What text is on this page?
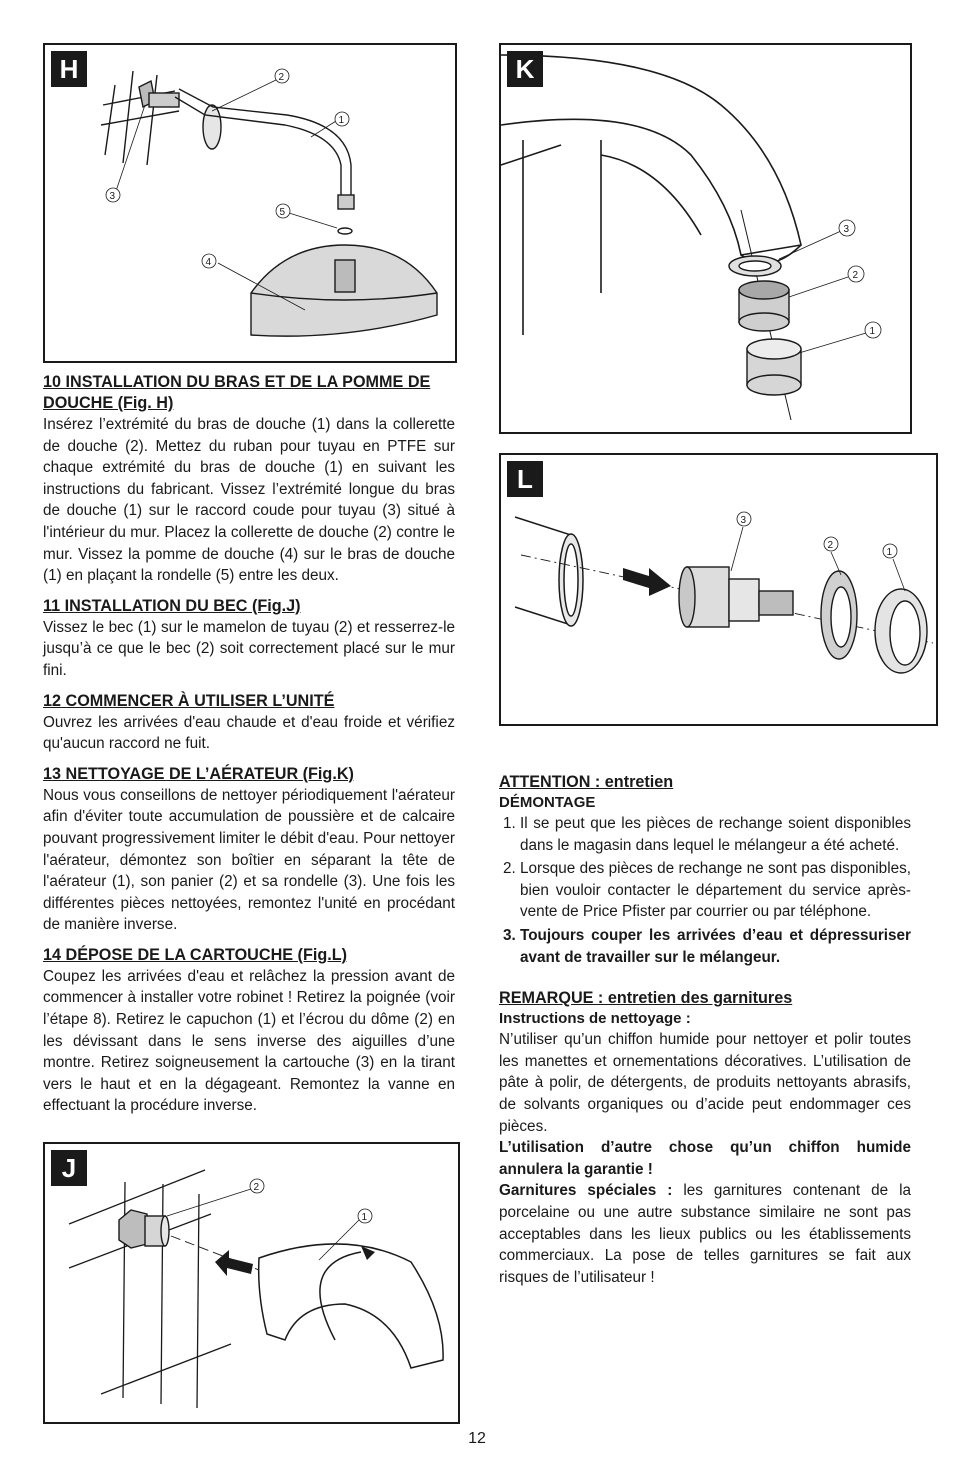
H	2
1
3
5
4
K
3
2
1
L
3
2
1
J
2
1
10 INSTALLATION DU BRAS ET DE LA POMME DE DOUCHE (Fig. H)
Insérez l’extrémité du bras de douche (1) dans la collerette de douche (2). Mettez du ruban pour tuyau en PTFE sur chaque extrémité du bras de douche (1) en suivant les instructions du fabricant. Vissez l’extrémité longue du bras de douche (1) sur le raccord coude pour tuyau (3) situé à l'intérieur du mur. Placez la collerette de douche (2) contre le mur. Vissez la pomme de douche (4) sur le bras de douche (1) en plaçant la rondelle (5) entre les deux.
11 INSTALLATION DU BEC (Fig.J)
Vissez le bec (1) sur le mamelon de tuyau (2) et resserrez-le jusqu’à ce que le bec (2) soit correctement placé sur le mur fini.
12 COMMENCER À UTILISER L’UNITÉ
Ouvrez les arrivées d'eau chaude et d'eau froide et vérifiez qu'aucun raccord ne fuit.
13 NETTOYAGE DE L’AÉRATEUR (Fig.K)
Nous vous conseillons de nettoyer périodiquement l'aérateur afin d'éviter toute accumulation de poussière et de calcaire pouvant progressivement limiter le débit d'eau. Pour nettoyer l'aérateur, démontez son boîtier en séparant la tête de l'aérateur (1), son panier (2) et sa rondelle (3). Une fois les différentes pièces nettoyées, remontez l'unité en procédant de manière inverse.
14 DÉPOSE DE LA CARTOUCHE (Fig.L)
Coupez les arrivées d'eau et relâchez la pression avant de commencer à installer votre robinet ! Retirez la poignée (voir l’étape 8). Retirez le capuchon (1) et l’écrou du dôme (2) en les dévissant dans le sens inverse des aiguilles d’une montre. Retirez soigneusement la cartouche (3) en la tirant vers le haut et en la dégageant. Remontez la vanne en effectuant la procédure inverse.
ATTENTION : entretien
DÉMONTAGE
1. Il se peut que les pièces de rechange soient disponibles dans le magasin dans lequel le mélangeur a été acheté.
2. Lorsque des pièces de rechange ne sont pas disponibles, bien vouloir contacter le département du service après-vente de Price Pfister par courrier ou par téléphone.
3. Toujours couper les arrivées d’eau et dépressuriser avant de travailler sur le mélangeur.
REMARQUE : entretien des garnitures
Instructions de nettoyage :
N’utiliser qu’un chiffon humide pour nettoyer et polir toutes les manettes et ornementations décoratives. L’utilisation de pâte à polir, de détergents, de produits nettoyants abrasifs, de solvants organiques ou d’acide peut endommager ces pièces.
L’utilisation d’autre chose qu’un chiffon humide annulera la garantie !
Garnitures spéciales : les garnitures contenant de la porcelaine ou une autre substance similaire ne sont pas acceptables dans les lieux publics ou les établissements commerciaux. La pose de telles garnitures se fait aux risques de l’utilisateur !
12
